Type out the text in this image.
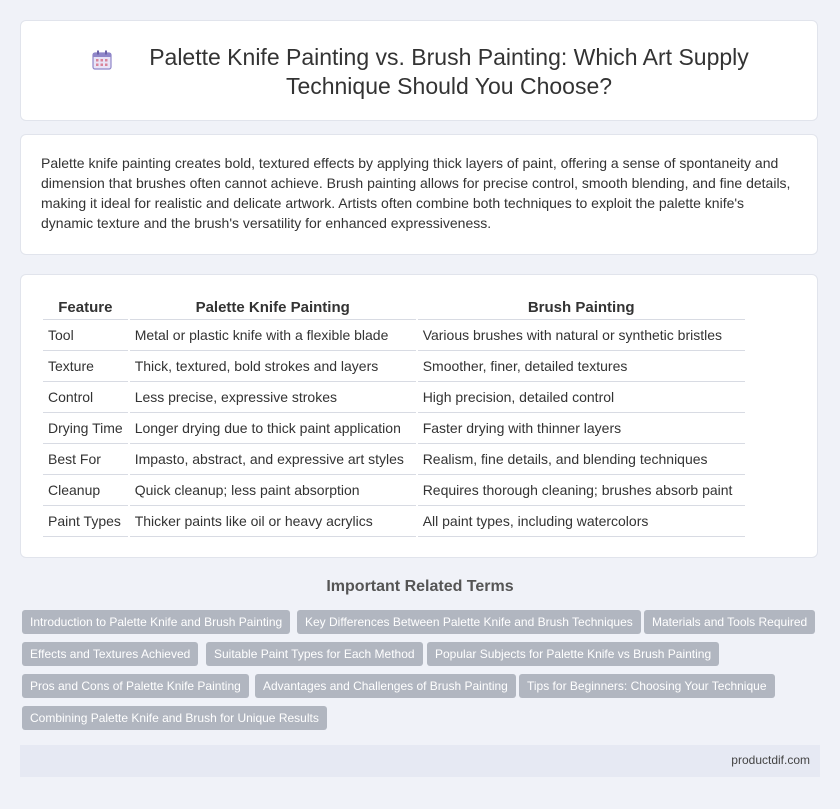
Palette Knife Painting vs. Brush Painting: Which Art Supply Technique Should You Choose?

Palette knife painting creates bold, textured effects by applying thick layers of paint, offering a sense of spontaneity and dimension that brushes often cannot achieve. Brush painting allows for precise control, smooth blending, and fine details, making it ideal for realistic and delicate artwork. Artists often combine both techniques to exploit the palette knife's dynamic texture and the brush's versatility for enhanced expressiveness.

Feature	Palette Knife Painting	Brush Painting
Tool	Metal or plastic knife with a flexible blade	Various brushes with natural or synthetic bristles
Texture	Thick, textured, bold strokes and layers	Smoother, finer, detailed textures
Control	Less precise, expressive strokes	High precision, detailed control
Drying Time	Longer drying due to thick paint application	Faster drying with thinner layers
Best For	Impasto, abstract, and expressive art styles	Realism, fine details, and blending techniques
Cleanup	Quick cleanup; less paint absorption	Requires thorough cleaning; brushes absorb paint
Paint Types	Thicker paints like oil or heavy acrylics	All paint types, including watercolors
Important Related Terms
Introduction to Palette Knife and Brush Painting	Key Differences Between Palette Knife and Brush Techniques	Materials and Tools Required
Effects and Textures Achieved	Suitable Paint Types for Each Method	Popular Subjects for Palette Knife vs Brush Painting
Pros and Cons of Palette Knife Painting	Advantages and Challenges of Brush Painting	Tips for Beginners: Choosing Your Technique
Combining Palette Knife and Brush for Unique Results
productdif.com
